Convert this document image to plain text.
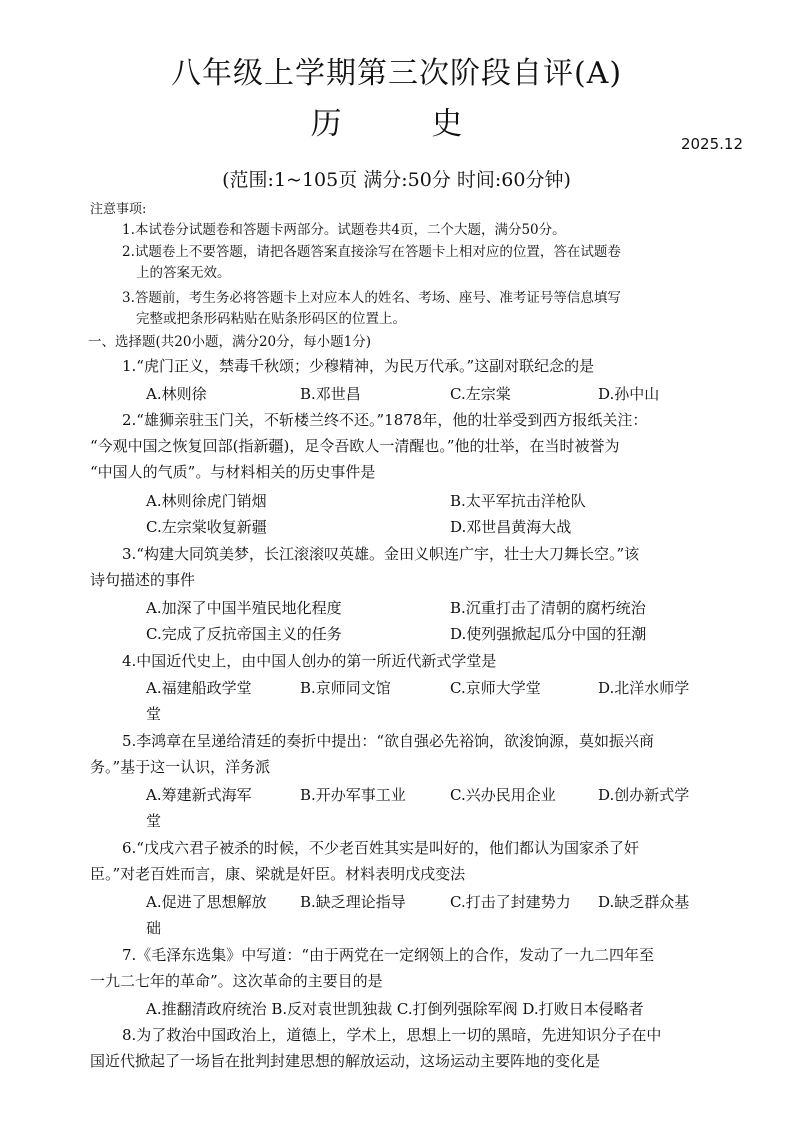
八年级上学期第三次阶段自评(A)
历 史
2025.12
(范围:1~105页 满分:50分 时间:60分钟)
注意事项:
1.本试卷分试题卷和答题卡两部分。试题卷共4页，二个大题，满分50分。
2.试题卷上不要答题，请把各题答案直接涂写在答题卡上相对应的位置，答在试题卷
上的答案无效。
3.答题前，考生务必将答题卡上对应本人的姓名、考场、座号、准考证号等信息填写
完整或把条形码粘贴在贴条形码区的位置上。
一、选择题(共20小题，满分20分，每小题1分)
1.“虎门正义，禁毒千秋颂；少穆精神，为民万代承。”这副对联纪念的是
A.林则徐	B.邓世昌	C.左宗棠	D.孙中山
2.“雄狮亲驻玉门关，不斩楼兰终不还。”1878年，他的壮举受到西方报纸关注：
“今观中国之恢复回部(指新疆)，足令吾欧人一清醒也。”他的壮举，在当时被誉为
“中国人的气质”。与材料相关的历史事件是
A.林则徐虎门销烟	B.太平军抗击洋枪队
C.左宗棠收复新疆	D.邓世昌黄海大战
3.“构建大同筑美梦，长江滚滚叹英雄。金田义帜连广宇，壮士大刀舞长空。”该
诗句描述的事件
A.加深了中国半殖民地化程度	B.沉重打击了清朝的腐朽统治
C.完成了反抗帝国主义的任务	D.使列强掀起瓜分中国的狂潮
4.中国近代史上，由中国人创办的第一所近代新式学堂是
A.福建船政学堂	B.京师同文馆	C.京师大学堂	D.北洋水师学
堂
5.李鸿章在呈递给清廷的奏折中提出：“欲自强必先裕饷，欲浚饷源，莫如振兴商
务。”基于这一认识，洋务派
A.筹建新式海军	B.开办军事工业	C.兴办民用企业	D.创办新式学
堂
6.“戊戌六君子被杀的时候，不少老百姓其实是叫好的，他们都认为国家杀了奸
臣。”对老百姓而言，康、梁就是奸臣。材料表明戊戌变法
A.促进了思想解放 B.缺乏理论指导	C.打击了封建势力 D.缺乏群众基
础
7.《毛泽东选集》中写道：“由于两党在一定纲领上的合作，发动了一九二四年至
一九二七年的革命”。这次革命的主要目的是
A.推翻清政府统治 B.反对袁世凯独裁 C.打倒列强除军阀 D.打败日本侵略者
8.为了救治中国政治上，道德上，学术上，思想上一切的黑暗，先进知识分子在中
国近代掀起了一场旨在批判封建思想的解放运动，这场运动主要阵地的变化是
